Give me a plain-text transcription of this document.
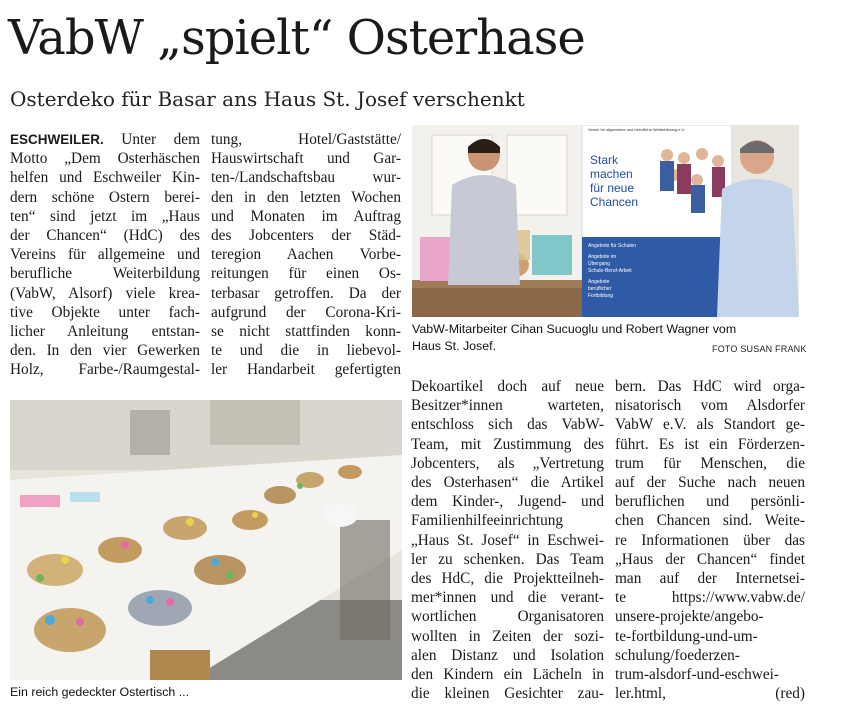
VabW „spielt“ Osterhase
Osterdeko für Basar ans Haus St. Josef verschenkt

ESCHWEILER. Unter dem

Motto „Dem Osterhäschen

helfen und Eschweiler Kin-

dern schöne Ostern berei-

ten“ sind jetzt im „Haus

der Chancen“ (HdC) des

Vereins für allgemeine und

berufliche Weiterbildung

(VabW, Alsorf) viele krea-

tive Objekte unter fach-

licher Anleitung entstan-

den. In den vier Gewerken

Holz, Farbe-/Raumgestal-

tung, Hotel/Gaststätte/

Hauswirtschaft und Gar-

ten-/Landschaftsbau wur-

den in den letzten Wochen

und Monaten im Auftrag

des Jobcenters der Städ-

teregion Aachen Vorbe-

reitungen für einen Os-

terbasar getroffen. Da der

aufgrund der Corona-Kri-

se nicht stattfinden konn-

te und die in liebevol-

ler Handarbeit gefertigten

Dekoartikel doch auf neue

Besitzer*innen warteten,

entschloss sich das VabW-

Team, mit Zustimmung des

Jobcenters, als „Vertretung

des Osterhasen“ die Artikel

dem Kinder-, Jugend- und

Familienhilfeeinrichtung

„Haus St. Josef“ in Eschwei-

ler zu schenken. Das Team

des HdC, die Projektteilneh-

mer*innen und die verant-

wortlichen Organisatoren

wollten in Zeiten der sozi-

alen Distanz und Isolation

den Kindern ein Lächeln in

die kleinen Gesichter zau-

bern. Das HdC wird orga-

nisatorisch vom Alsdorfer

VabW e.V. als Standort ge-

führt. Es ist ein Förderzen-

trum für Menschen, die

auf der Suche nach neuen

beruflichen und persönli-

chen Chancen sind. Weite-

re Informationen über das

„Haus der Chancen“ findet

man auf der Internetsei-

te https://www.vabw.de/

unsere-projekte/angebo-

te-fortbildung-und-um-

schulung/foederzen-

trum-alsdorf-und-eschwei-

ler.html,	(red)

Verein für allgemeine und berufliche Weiterbildung e.V.
Stark
machen
für neue
Chancen
Angebote für Schulen
Angebote im
Übergang
Schule-Beruf-Arbeit
Angebote
beruflicher
Fortbildung
VabW-Mitarbeiter Cihan Sucuoglu und Robert Wagner vom
Haus St. Josef.	FOTO SUSAN FRANK
Ein reich gedeckter Ostertisch ...
